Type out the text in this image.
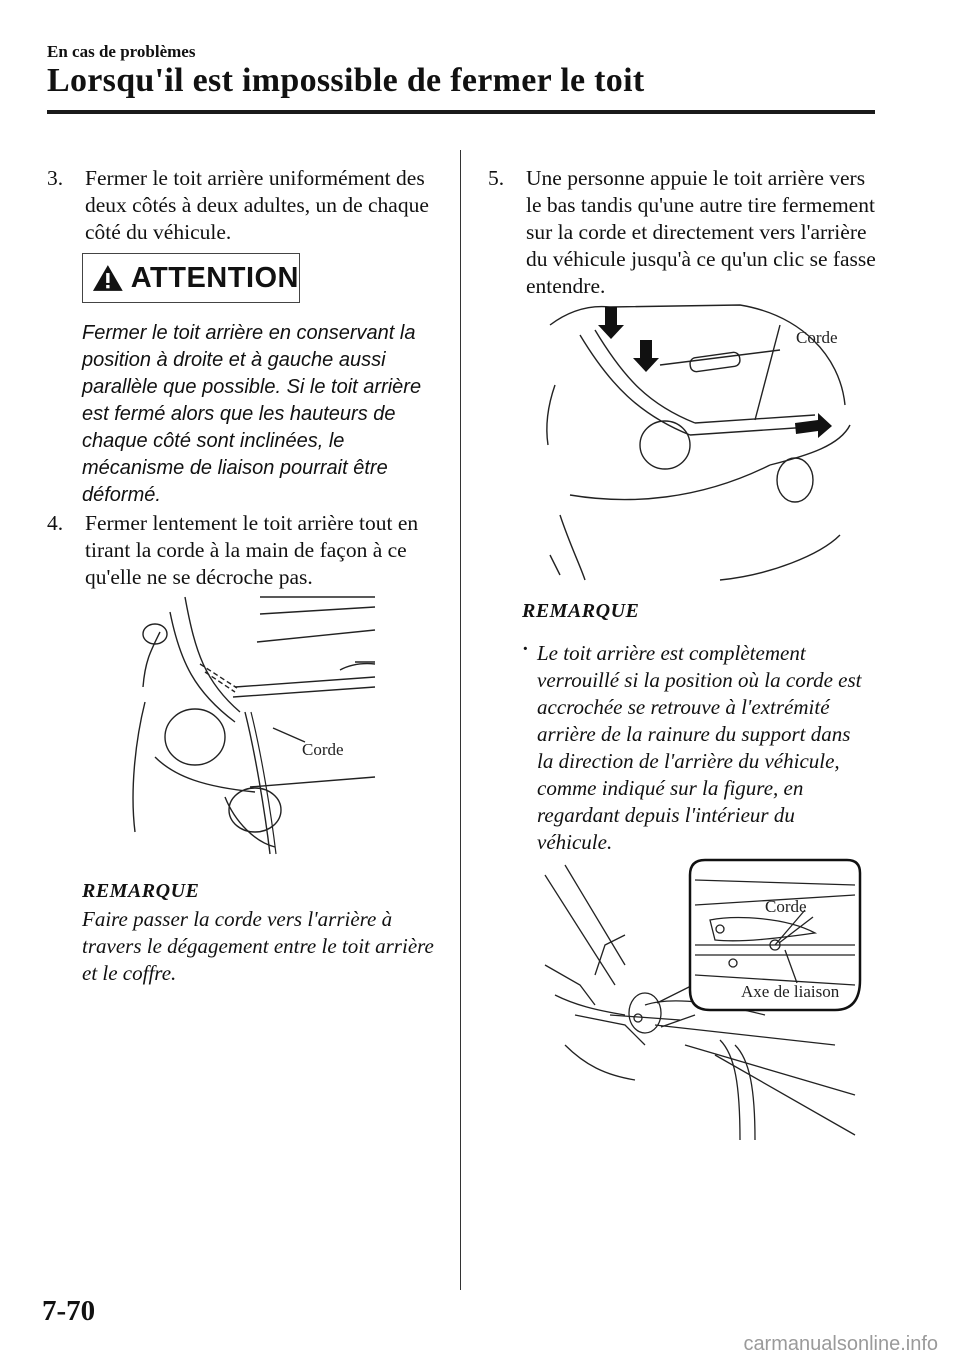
En cas de problèmes
Lorsqu'il est impossible de fermer le toit
3.	Fermer le toit arrière uniformément des deux côtés à deux adultes, un de chaque côté du véhicule.
ATTENTION
Fermer le toit arrière en conservant la position à droite et à gauche aussi parallèle que possible. Si le toit arrière est fermé alors que les hauteurs de chaque côté sont inclinées, le mécanisme de liaison pourrait être déformé.
4.	Fermer lentement le toit arrière tout en tirant la corde à la main de façon à ce qu'elle ne se décroche pas.
Corde
REMARQUE
Faire passer la corde vers l'arrière à travers le dégagement entre le toit arrière et le coffre.
5.	Une personne appuie le toit arrière vers le bas tandis qu'une autre tire fermement sur la corde et directement vers l'arrière du véhicule jusqu'à ce qu'un clic se fasse entendre.
Corde
REMARQUE
· Le toit arrière est complètement verrouillé si la position où la corde est accrochée se retrouve à l'extrémité arrière de la rainure du support dans la direction de l'arrière du véhicule, comme indiqué sur la figure, en regardant depuis l'intérieur du véhicule.
Corde
Axe de liaison
7-70
carmanualsonline.info
